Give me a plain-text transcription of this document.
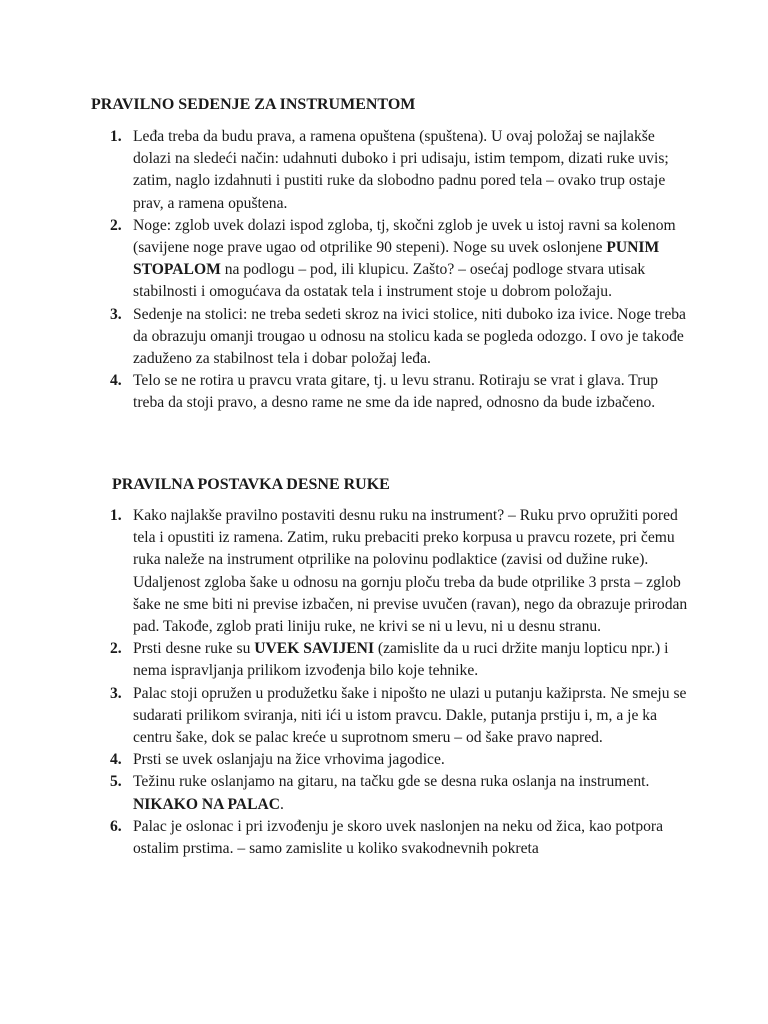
PRAVILNO SEDENJE ZA INSTRUMENTOM
1. Leđa treba da budu prava, a ramena opuštena (spuštena). U ovaj položaj se najlakše dolazi na sledeći način: udahnuti duboko i pri udisaju, istim tempom, dizati ruke uvis; zatim, naglo izdahnuti i pustiti ruke da slobodno padnu pored tela – ovako trup ostaje prav, a ramena opuštena.
2. Noge: zglob uvek dolazi ispod zgloba, tj, skočni zglob je uvek u istoj ravni sa kolenom (savijene noge prave ugao od otprilike 90 stepeni). Noge su uvek oslonjene PUNIM STOPALOM na podlogu – pod, ili klupicu. Zašto? – osećaj podloge stvara utisak stabilnosti i omogućava da ostatak tela i instrument stoje u dobrom položaju.
3. Sedenje na stolici: ne treba sedeti skroz na ivici stolice, niti duboko iza ivice. Noge treba da obrazuju omanji trougao u odnosu na stolicu kada se pogleda odozgo. I ovo je takođe zaduženo za stabilnost tela i dobar položaj leđa.
4. Telo se ne rotira u pravcu vrata gitare, tj. u levu stranu. Rotiraju se vrat i glava. Trup treba da stoji pravo, a desno rame ne sme da ide napred, odnosno da bude izbačeno.
PRAVILNA POSTAVKA DESNE RUKE
1. Kako najlakše pravilno postaviti desnu ruku na instrument? – Ruku prvo opružiti pored tela i opustiti iz ramena. Zatim, ruku prebaciti preko korpusa u pravcu rozete, pri čemu ruka naleže na instrument otprilike na polovinu podlaktice (zavisi od dužine ruke). Udaljenost zgloba šake u odnosu na gornju ploču treba da bude otprilike 3 prsta – zglob šake ne sme biti ni previse izbačen, ni previse uvučen (ravan), nego da obrazuje prirodan pad. Takođe, zglob prati liniju ruke, ne krivi se ni u levu, ni u desnu stranu.
2. Prsti desne ruke su UVEK SAVIJENI (zamislite da u ruci držite manju lopticu npr.) i nema ispravljanja prilikom izvođenja bilo koje tehnike.
3. Palac stoji opružen u produžetku šake i nipošto ne ulazi u putanju kažiprsta. Ne smeju se sudarati prilikom sviranja, niti ići u istom pravcu. Dakle, putanja prstiju i, m, a je ka centru šake, dok se palac kreće u suprotnom smeru – od šake pravo napred.
4. Prsti se uvek oslanjaju na žice vrhovima jagodice.
5. Težinu ruke oslanjamo na gitaru, na tačku gde se desna ruka oslanja na instrument. NIKAKO NA PALAC.
6. Palac je oslonac i pri izvođenju je skoro uvek naslonjen na neku od žica, kao potpora ostalim prstima. – samo zamislite u koliko svakodnevnih pokreta
